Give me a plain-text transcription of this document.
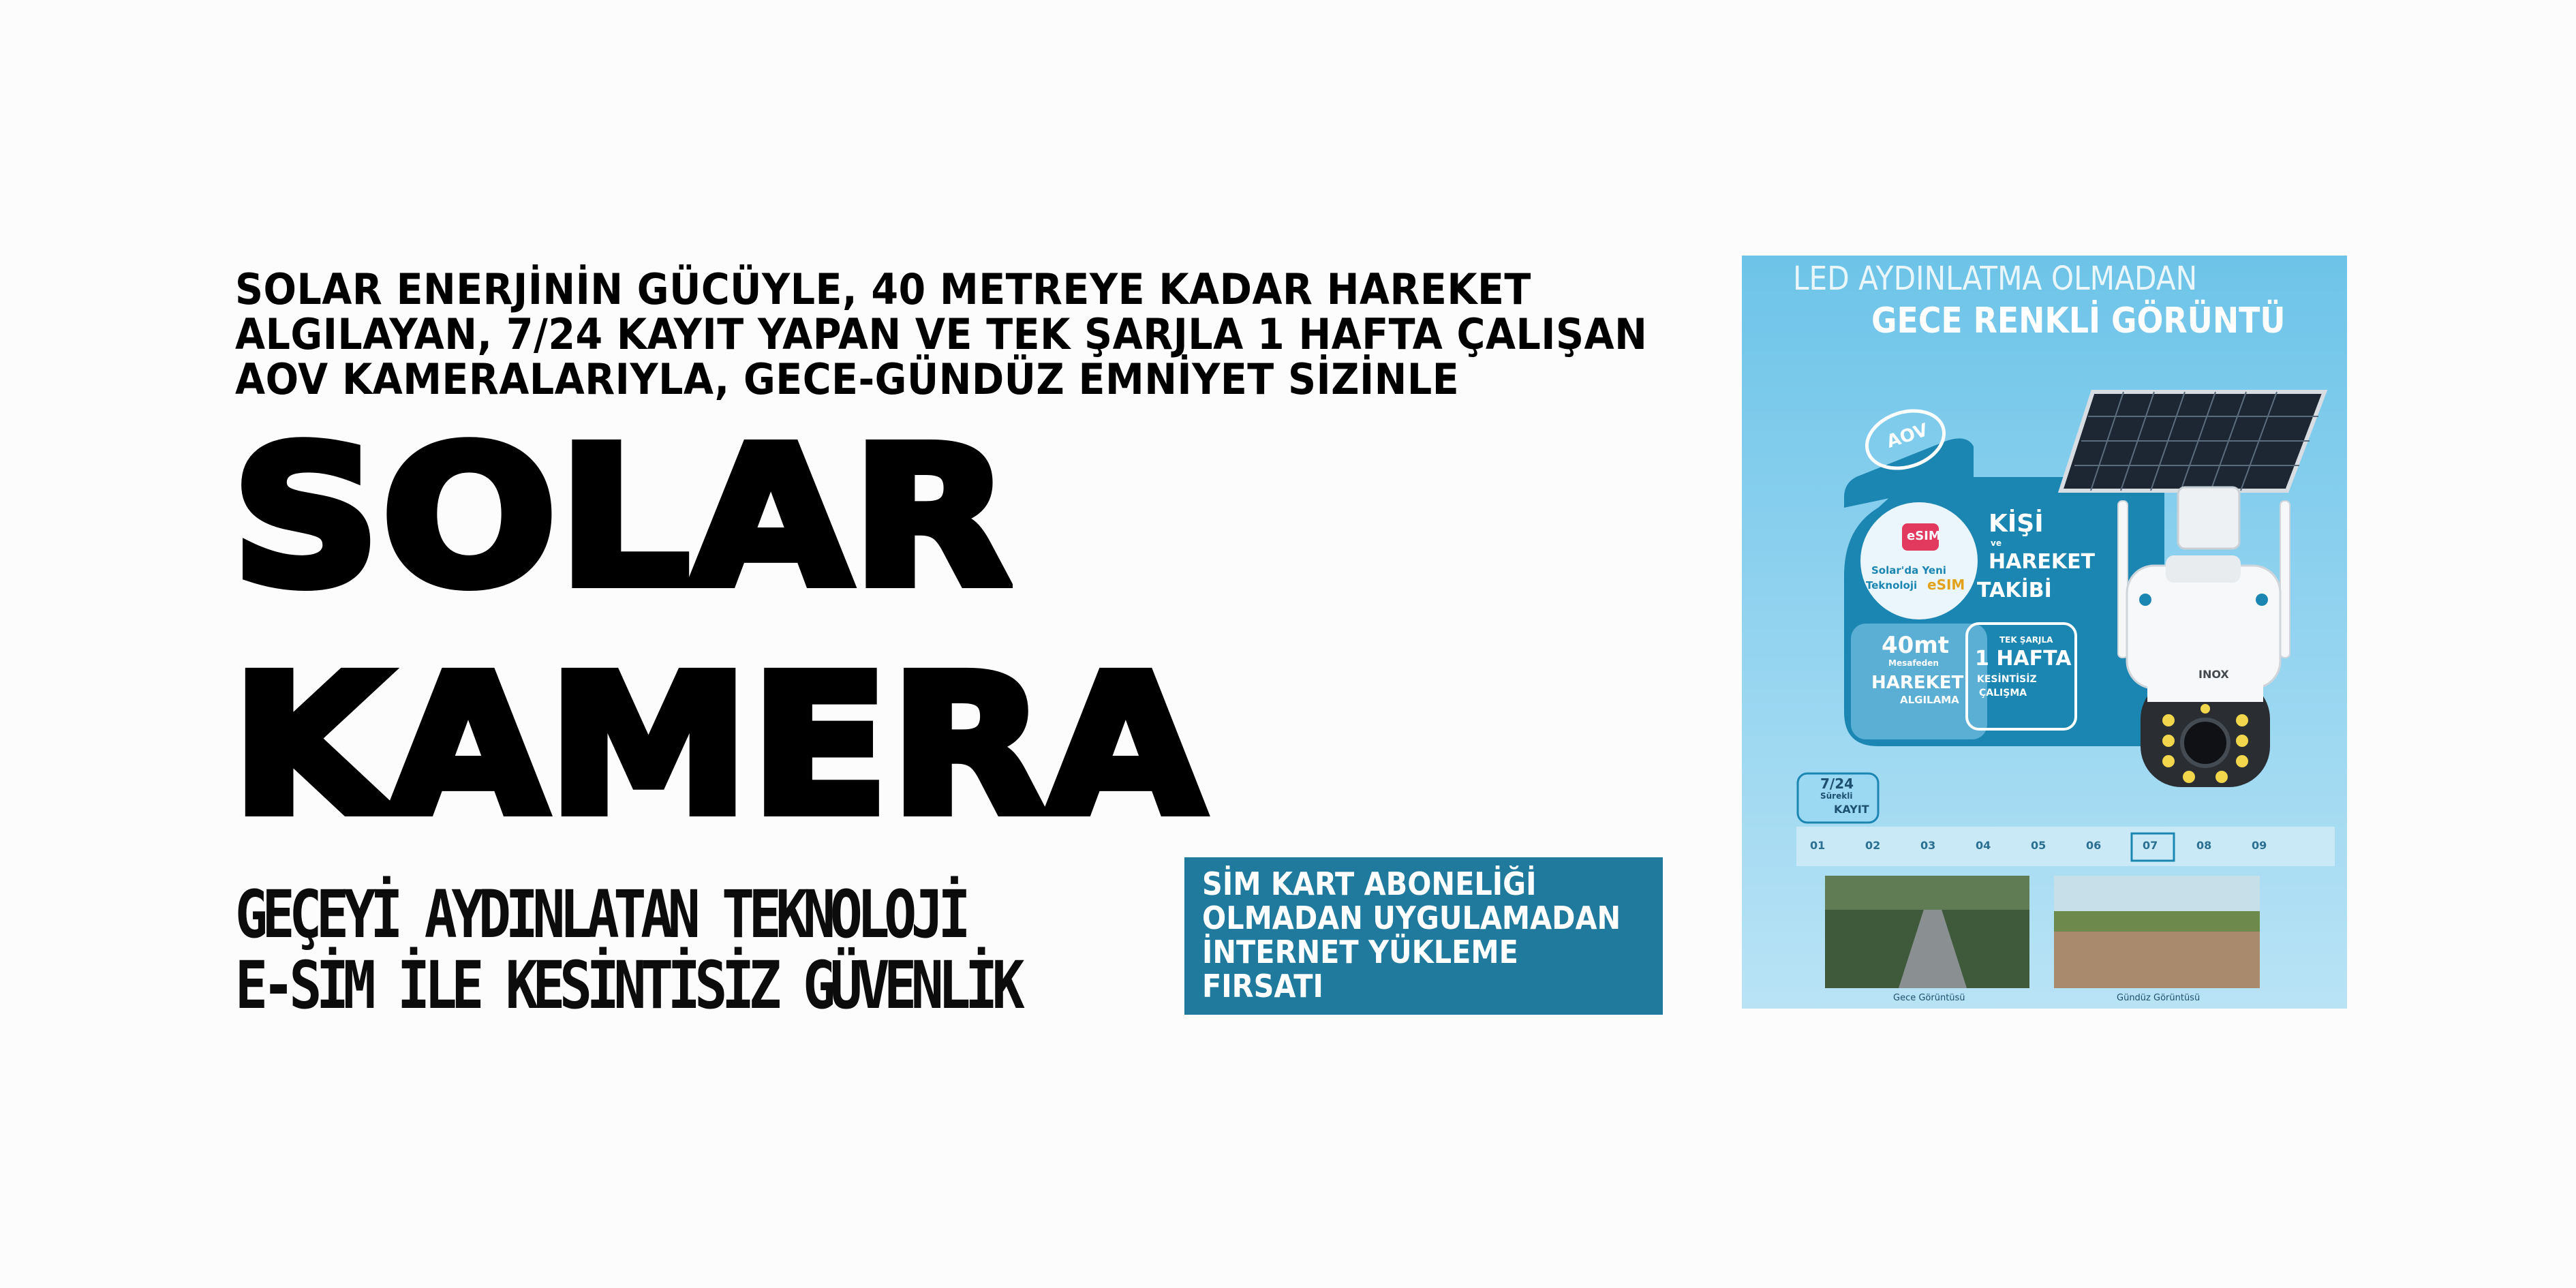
SOLAR ENERJİNİN GÜCÜYLE, 40 METREYE KADAR HAREKET
ALGILAYAN, 7/24 KAYIT YAPAN VE TEK ŞARJLA 1 HAFTA ÇALIŞAN
AOV KAMERALARIYLA, GECE-GÜNDÜZ EMNİYET SİZİNLE
SOLAR
KAMERA
GEÇEYİ AYDINLATAN TEKNOLOJİ
E-SİM İLE KESİNTİSİZ GÜVENLİK
SİM KART ABONELİĞİ
OLMADAN UYGULAMADAN
İNTERNET YÜKLEME
FIRSATI
LED AYDINLATMA OLMADAN
GECE RENKLİ GÖRÜNTÜ
AOV
eSIM
Solar'da Yeni
Teknoloji eSIM
KİŞİ
ve
HAREKET
TAKİBİ
40mt
Mesafeden
HAREKET
ALGILAMA
TEK ŞARJLA
1 HAFTA
KESİNTİSİZ
ÇALIŞMA
INOX
7/24
Sürekli
KAYIT
01	02	03	04	05	06	07	08	09
Gece Görüntüsü	Gündüz Görüntüsü
